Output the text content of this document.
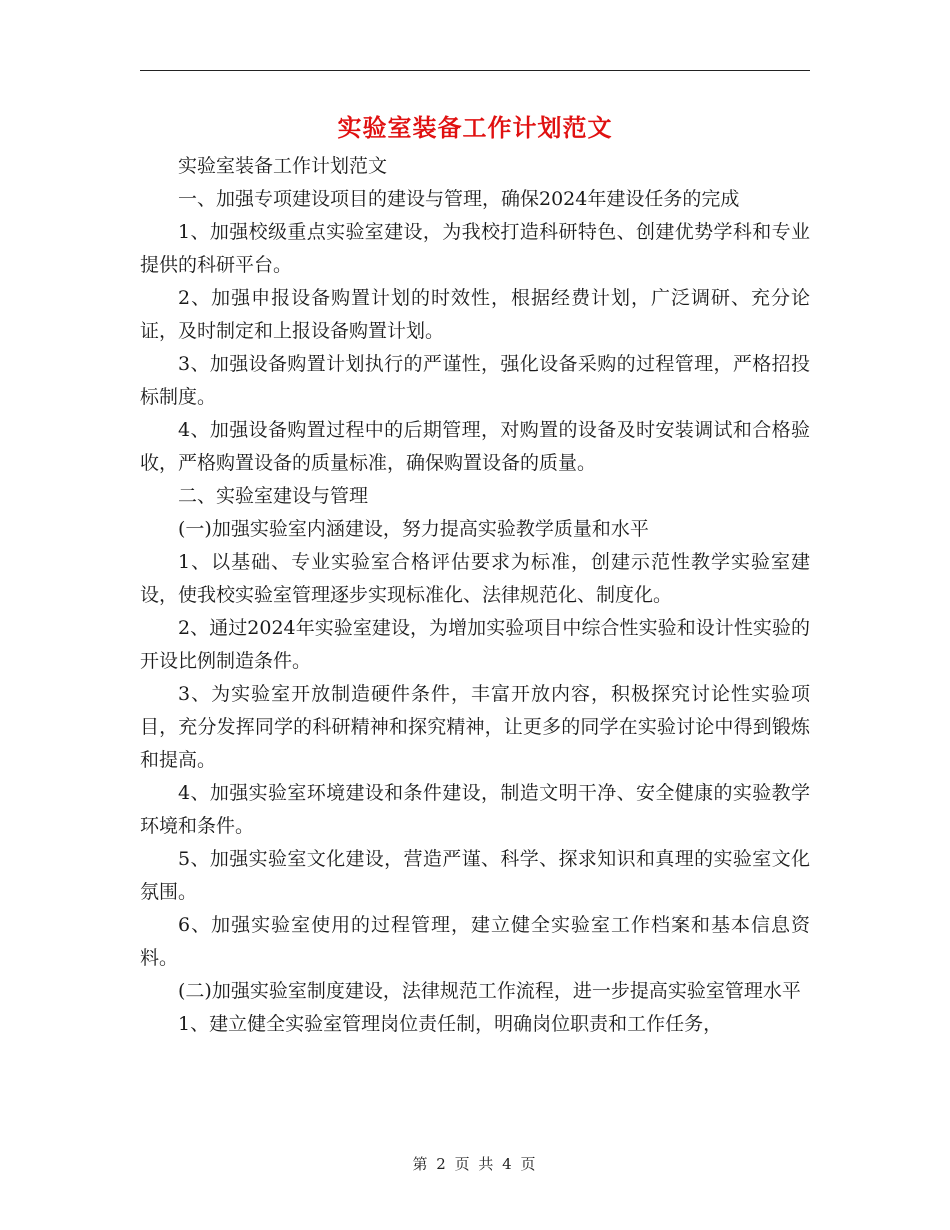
实验室装备工作计划范文

实验室装备工作计划范文

一、加强专项建设项目的建设与管理，确保2024年建设任务的完成

1、加强校级重点实验室建设，为我校打造科研特色、创建优势学科和专业提供的科研平台。

2、加强申报设备购置计划的时效性，根据经费计划，广泛调研、充分论证，及时制定和上报设备购置计划。

3、加强设备购置计划执行的严谨性，强化设备采购的过程管理，严格招投标制度。

4、加强设备购置过程中的后期管理，对购置的设备及时安装调试和合格验收，严格购置设备的质量标准，确保购置设备的质量。

二、实验室建设与管理

(一)加强实验室内涵建设，努力提高实验教学质量和水平

1、以基础、专业实验室合格评估要求为标准，创建示范性教学实验室建设，使我校实验室管理逐步实现标准化、法律规范化、制度化。

2、通过2024年实验室建设，为增加实验项目中综合性实验和设计性实验的开设比例制造条件。

3、为实验室开放制造硬件条件，丰富开放内容，积极探究讨论性实验项目，充分发挥同学的科研精神和探究精神，让更多的同学在实验讨论中得到锻炼和提高。

4、加强实验室环境建设和条件建设，制造文明干净、安全健康的实验教学环境和条件。

5、加强实验室文化建设，营造严谨、科学、探求知识和真理的实验室文化氛围。

6、加强实验室使用的过程管理，建立健全实验室工作档案和基本信息资料。

(二)加强实验室制度建设，法律规范工作流程，进一步提高实验室管理水平

1、建立健全实验室管理岗位责任制，明确岗位职责和工作任务，

第 2 页 共 4 页
